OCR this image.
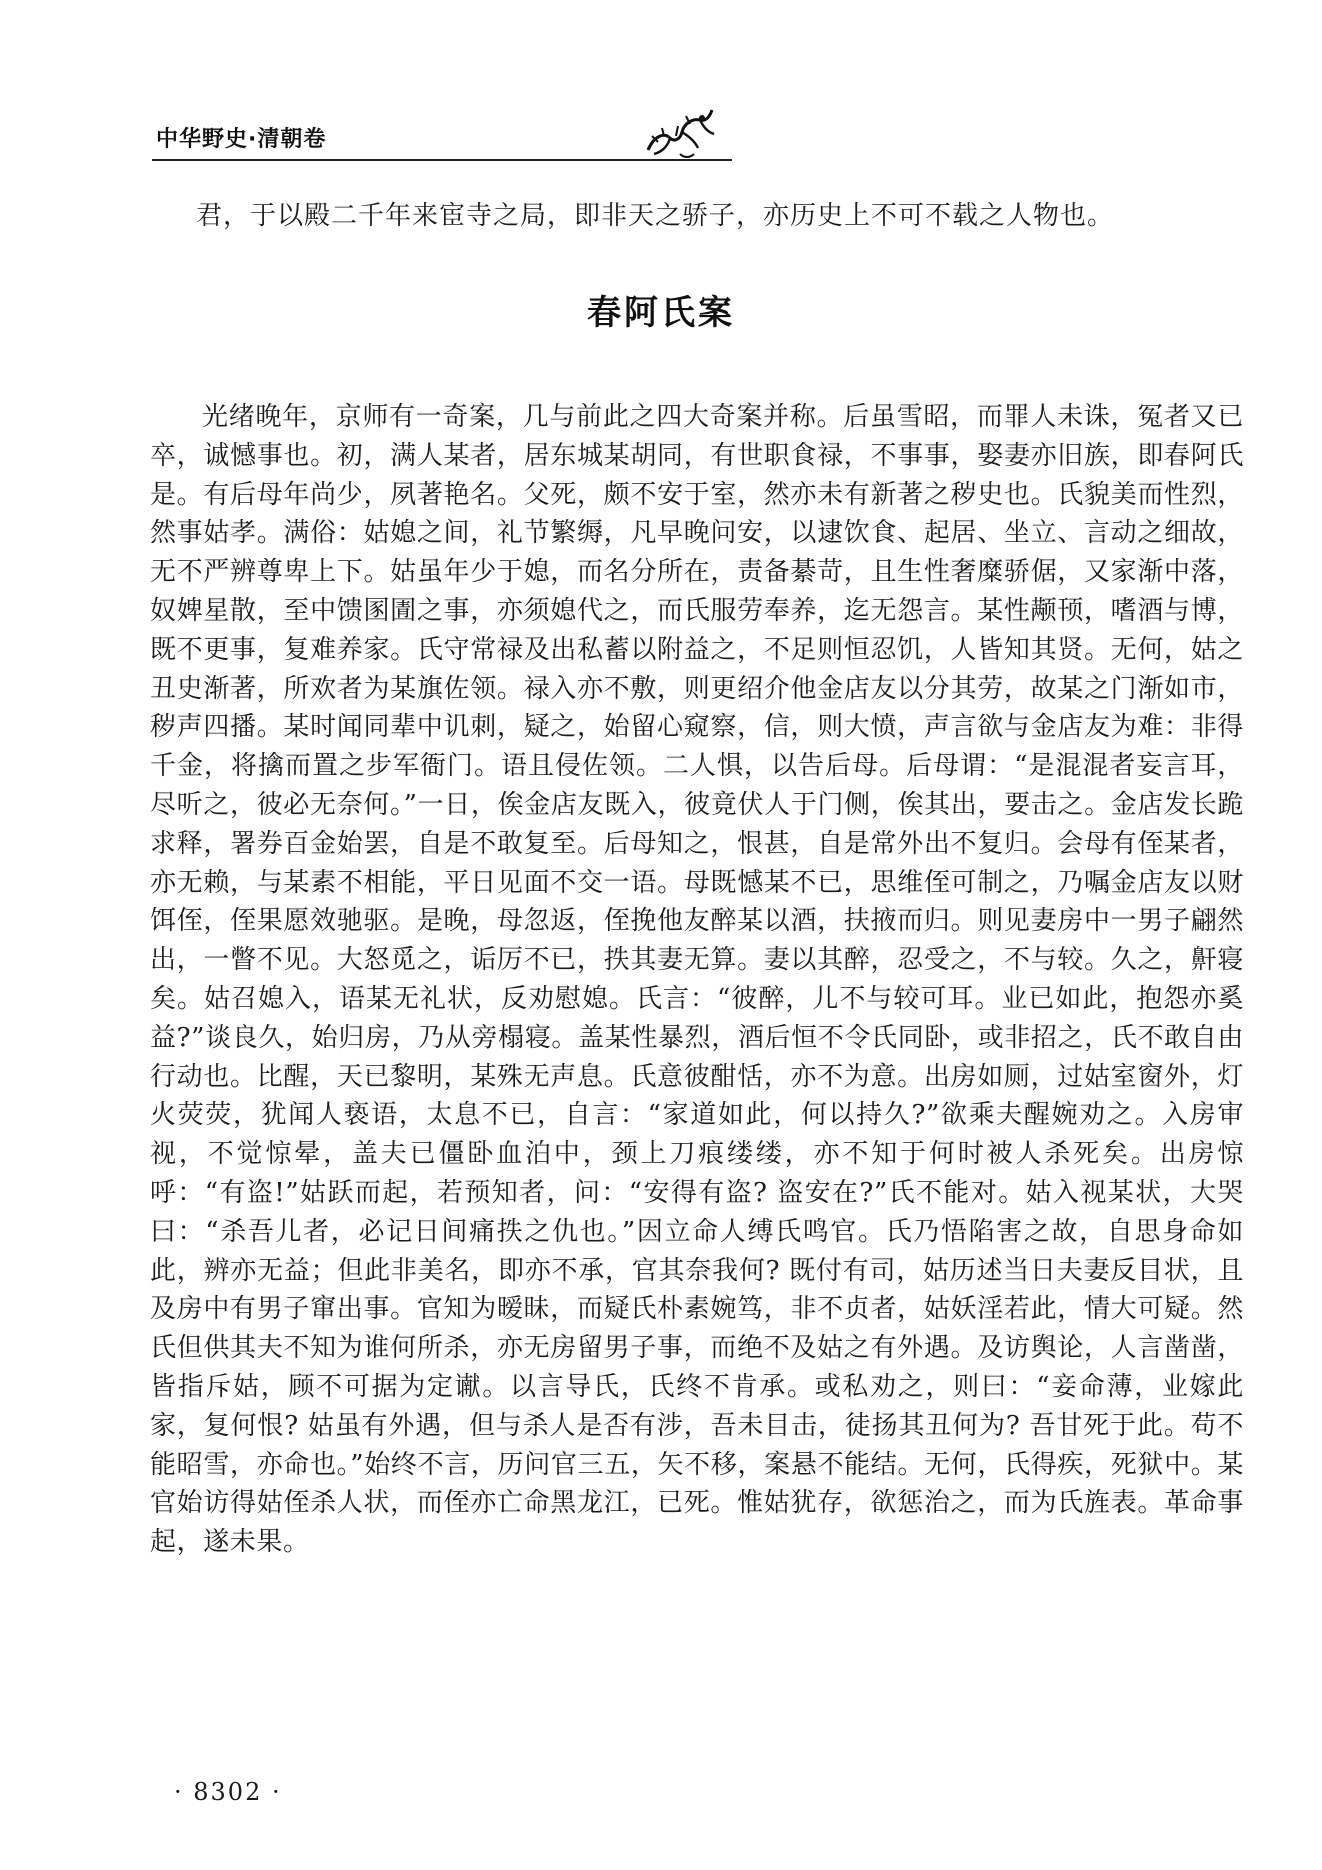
中华野史·清朝卷
君，于以殿二千年来宦寺之局，即非天之骄子，亦历史上不可不载之人物也。
春阿氏案

光绪晚年，京师有一奇案，几与前此之四大奇案并称。后虽雪昭，而罪人未诛，冤者又已卒，诚憾事也。初，满人某者，居东城某胡同，有世职食禄，不事事，娶妻亦旧族，即春阿氏是。有后母年尚少，夙著艳名。父死，颇不安于室，然亦未有新著之秽史也。氏貌美而性烈，然事姑孝。满俗：姑媳之间，礼节繁缛，凡早晚问安，以逮饮食、起居、坐立、言动之细故，无不严辨尊卑上下。姑虽年少于媳，而名分所在，责备綦苛，且生性奢糜骄倨，又家渐中落，奴婢星散，至中馈圂圊之事，亦须媳代之，而氏服劳奉养，迄无怨言。某性颟顸，嗜酒与博，既不更事，复难养家。氏守常禄及出私蓄以附益之，不足则恒忍饥，人皆知其贤。无何，姑之丑史渐著，所欢者为某旗佐领。禄入亦不敷，则更绍介他金店友以分其劳，故某之门渐如市，秽声四播。某时闻同辈中讥刺，疑之，始留心窥察，信，则大愤，声言欲与金店友为难：非得千金，将擒而置之步军衙门。语且侵佐领。二人惧，以告后母。后母谓：“是混混者妄言耳，尽听之，彼必无奈何。”一日，俟金店友既入，彼竟伏人于门侧，俟其出，要击之。金店发长跪求释，署券百金始罢，自是不敢复至。后母知之，恨甚，自是常外出不复归。会母有侄某者，亦无赖，与某素不相能，平日见面不交一语。母既憾某不已，思维侄可制之，乃嘱金店友以财饵侄，侄果愿效驰驱。是晚，母忽返，侄挽他友醉某以酒，扶掖而归。则见妻房中一男子翩然出，一瞥不见。大怒觅之，诟厉不已，抶其妻无算。妻以其醉，忍受之，不与较。久之，鼾寝矣。姑召媳入，语某无礼状，反劝慰媳。氏言：“彼醉，儿不与较可耳。业已如此，抱怨亦奚益?”谈良久，始归房，乃从旁榻寝。盖某性暴烈，酒后恒不令氏同卧，或非招之，氏不敢自由行动也。比醒，天已黎明，某殊无声息。氏意彼酣恬，亦不为意。出房如厕，过姑室窗外，灯火荧荧，犹闻人亵语，太息不已，自言：“家道如此，何以持久?”欲乘夫醒婉劝之。入房审视，不觉惊晕，盖夫已僵卧血泊中，颈上刀痕缕缕，亦不知于何时被人杀死矣。出房惊呼：“有盗!”姑跃而起，若预知者，问：“安得有盗? 盗安在?”氏不能对。姑入视某状，大哭曰：“杀吾儿者，必记日间痛抶之仇也。”因立命人缚氏鸣官。氏乃悟陷害之故，自思身命如此，辨亦无益；但此非美名，即亦不承，官其奈我何? 既付有司，姑历述当日夫妻反目状，且及房中有男子窜出事。官知为暧昧，而疑氏朴素婉笃，非不贞者，姑妖淫若此，情大可疑。然氏但供其夫不知为谁何所杀，亦无房留男子事，而绝不及姑之有外遇。及访舆论，人言凿凿，皆指斥姑，顾不可据为定谳。以言导氏，氏终不肯承。或私劝之，则曰：“妾命薄，业嫁此家，复何恨? 姑虽有外遇，但与杀人是否有涉，吾未目击，徒扬其丑何为? 吾甘死于此。苟不能昭雪，亦命也。”始终不言，历问官三五，矢不移，案悬不能结。无何，氏得疾，死狱中。某官始访得姑侄杀人状，而侄亦亡命黑龙江，已死。惟姑犹存，欲惩治之，而为氏旌表。革命事起，遂未果。

· 8302 ·
